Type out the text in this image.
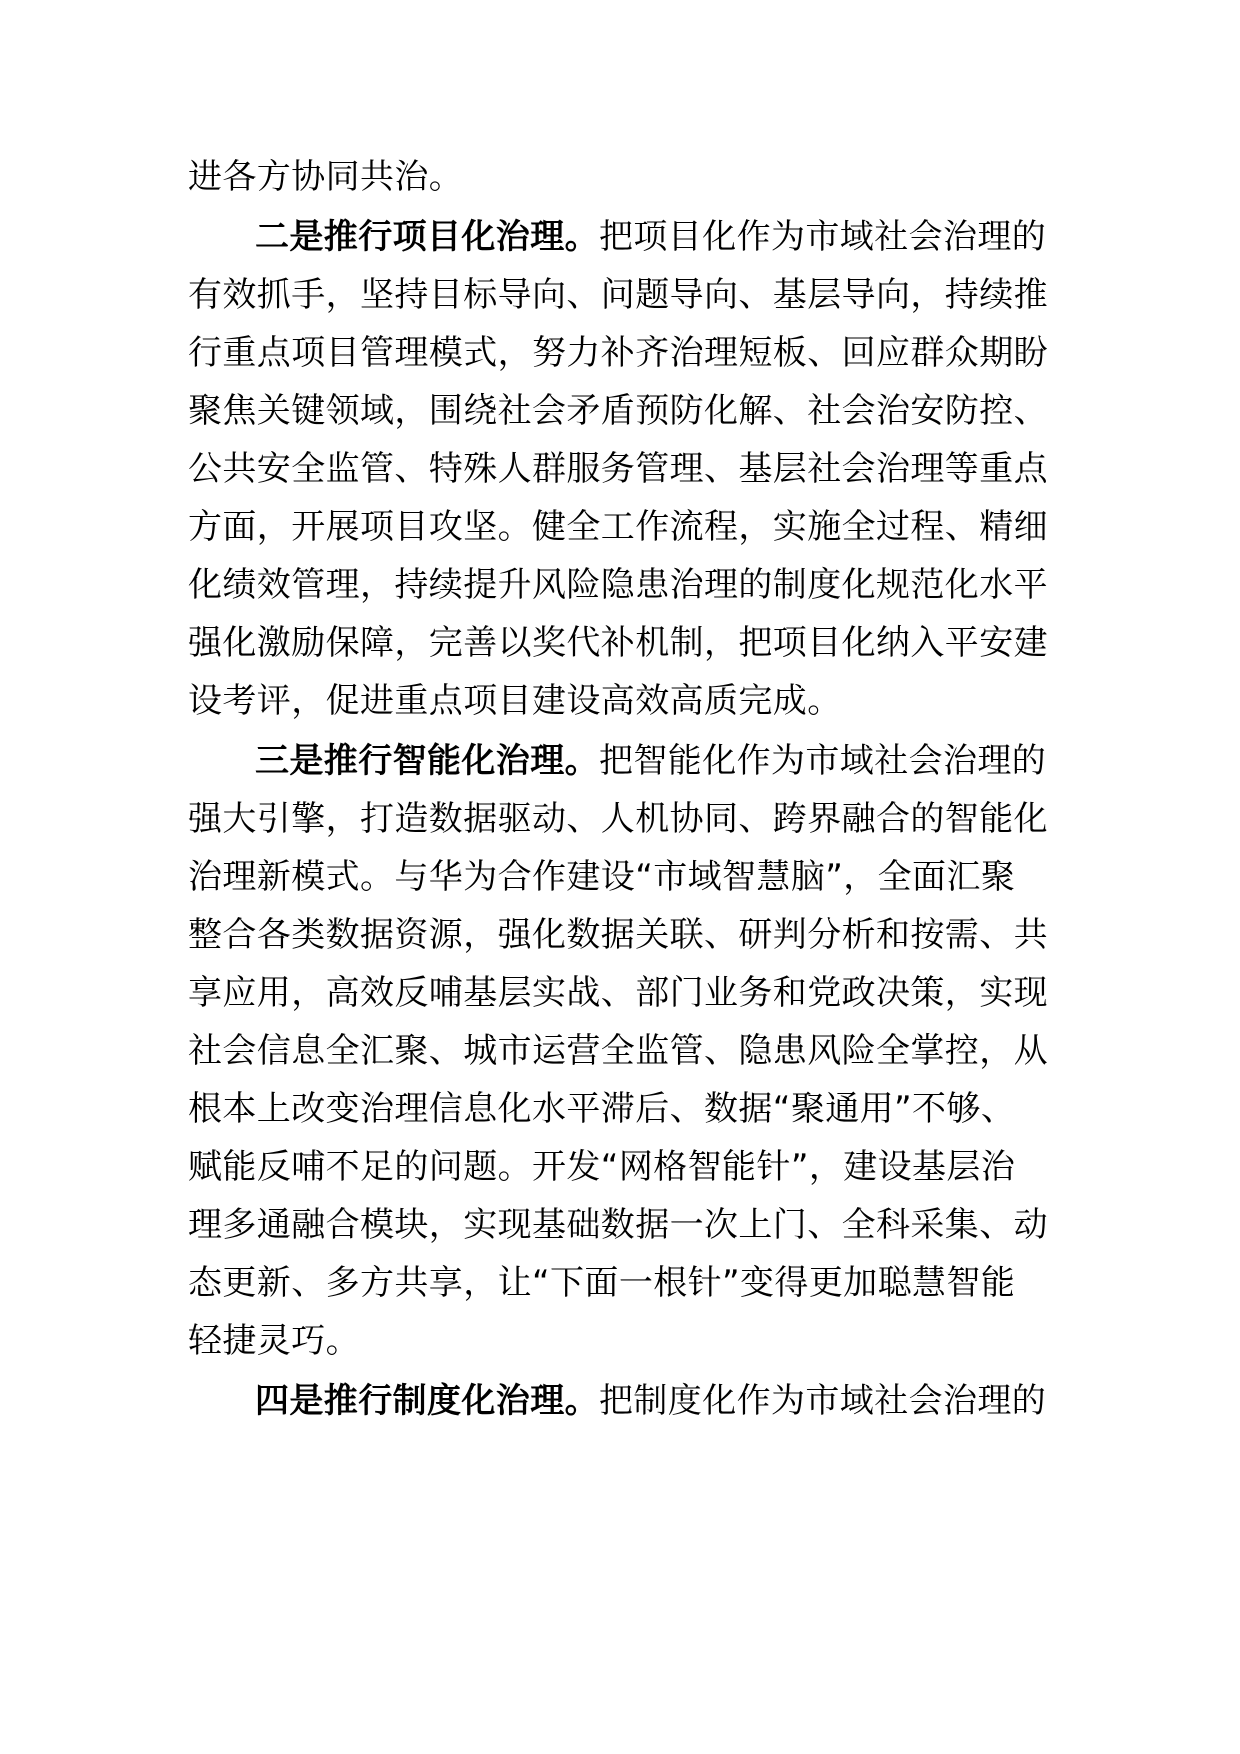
进各方协同共治。
二是推行项目化治理。把项目化作为市域社会治理的
有效抓手，坚持目标导向、问题导向、基层导向，持续推
行重点项目管理模式，努力补齐治理短板、回应群众期盼
聚焦关键领域，围绕社会矛盾预防化解、社会治安防控、
公共安全监管、特殊人群服务管理、基层社会治理等重点
方面，开展项目攻坚。健全工作流程，实施全过程、精细
化绩效管理，持续提升风险隐患治理的制度化规范化水平
强化激励保障，完善以奖代补机制，把项目化纳入平安建
设考评，促进重点项目建设高效高质完成。
三是推行智能化治理。把智能化作为市域社会治理的
强大引擎，打造数据驱动、人机协同、跨界融合的智能化
治理新模式。与华为合作建设“市域智慧脑”，全面汇聚
整合各类数据资源，强化数据关联、研判分析和按需、共
享应用，高效反哺基层实战、部门业务和党政决策，实现
社会信息全汇聚、城市运营全监管、隐患风险全掌控，从
根本上改变治理信息化水平滞后、数据“聚通用”不够、
赋能反哺不足的问题。开发“网格智能针”，建设基层治
理多通融合模块，实现基础数据一次上门、全科采集、动
态更新、多方共享，让“下面一根针”变得更加聪慧智能
轻捷灵巧。
四是推行制度化治理。把制度化作为市域社会治理的
